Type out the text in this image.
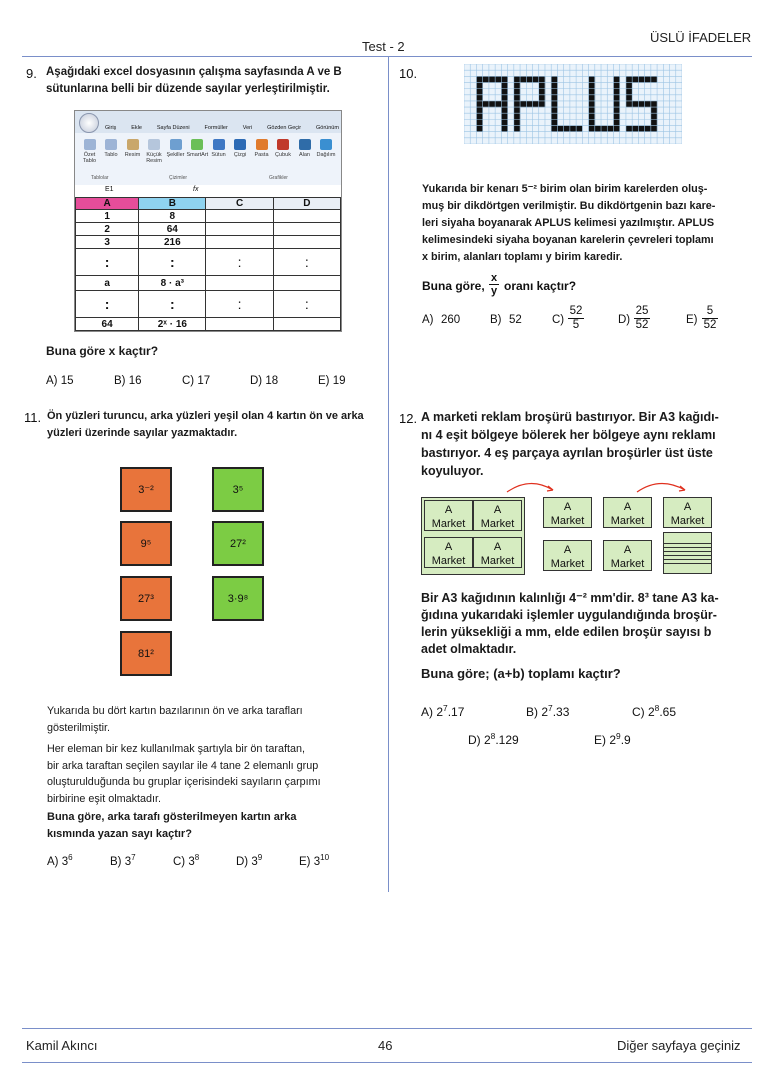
Test - 2
ÜSLÜ İFADELER
9. Aşağıdaki excel dosyasının çalışma sayfasında A ve B
sütunlarına belli bir düzende sayılar yerleştirilmiştir.
Giriş	Ekle	Sayfa Düzeni	Formüller	Veri	Gözden Geçir	Görünüm
Özet Tablo
Tablo	Resim	Küçük Resim
Şekiller SmartArt Sütun	Çizgi	Pasta	Çubuk	Alan	Dağılım
Tablolar	Çizimler	Grafikler
E1	fx
A	B	C	D
1	8		
2	64		
3	216		
:	:	:	:
a	8 · a³		
:	:	:	:
64	2ˣ · 16		
Buna göre x kaçtır?
A) 15	B) 16	C) 17	D) 18	E) 19
10.
Yukarıda bir kenarı 5⁻² birim olan birim karelerden oluş-
muş bir dikdörtgen verilmiştir. Bu dikdörtgenin bazı kare-
leri siyaha boyanarak APLUS kelimesi yazılmıştır. APLUS
kelimesindeki siyaha boyanan karelerin çevreleri toplamı
x birim, alanları toplamı y birim karedir.
Buna göre, $\frac{x}{y}$ oranı kaçtır?
A) 260	B) 52	$C) \frac{52}{5}$	$D) \frac{25}{52}$	$E) \frac{5}{52}$
11. Ön yüzleri turuncu, arka yüzleri yeşil olan 4 kartın ön ve arka
yüzleri üzerinde sayılar yazmaktadır.
3⁻²
9⁵
27³
81²
3⁵
27²
3·9⁸
Yukarıda bu dört kartın bazılarının ön ve arka tarafları
gösterilmiştir.
Her eleman bir kez kullanılmak şartıyla bir ön taraftan,
bir arka taraftan seçilen sayılar ile 4 tane 2 elemanlı grup
oluşturulduğunda bu gruplar içerisindeki sayıların çarpımı
birbirine eşit olmaktadır.
Buna göre, arka tarafı gösterilmeyen kartın arka
kısmında yazan sayı kaçtır?
A) $3^6$	B) $3^7$	C) $3^8$	D) $3^9$	E) $3^{10}$
12. A marketi reklam broşürü bastırıyor. Bir A3 kağıdı-
nı 4 eşit bölgeye bölerek her bölgeye aynı reklamı
bastırıyor. 4 eş parçaya ayrılan broşürler üst üste
koyuluyor.
A
Market
A
Market
A
Market
A
Market
A
Market
A
Market
A
Market
A
Market
A
Market
Bir A3 kağıdının kalınlığı 4⁻² mm'dir. 8³ tane A3 ka-
ğıdına yukarıdaki işlemler uygulandığında broşür-
lerin yüksekliği a mm, elde edilen broşür sayısı b
adet olmaktadır.
Buna göre; (a+b) toplamı kaçtır?
A) $2^7.17$	B) $2^7.33$	C) $2^8.65$
D) $2^8.129$	E) $2^9.9$
Kamil Akıncı	46	Diğer sayfaya geçiniz
